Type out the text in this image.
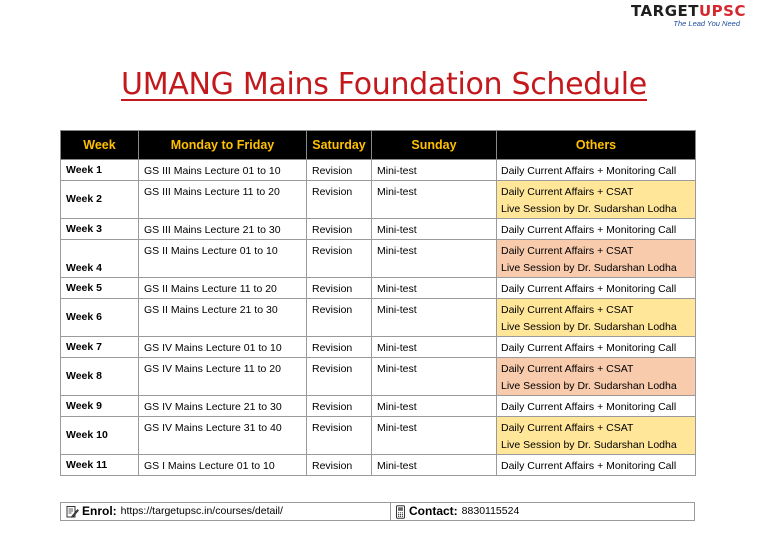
TARGETUPSC
The Lead You Need
UMANG Mains Foundation Schedule
Week	Monday to Friday	Saturday	Sunday	Others
Week 1	GS III Mains Lecture 01 to 10	Revision	Mini-test	Daily Current Affairs + Monitoring Call
Week 2	GS III Mains Lecture 11 to 20	Revision	Mini-test	Daily Current Affairs + CSAT
Live Session by Dr. Sudarshan Lodha

Week 3	GS III Mains Lecture 21 to 30	Revision	Mini-test	Daily Current Affairs + Monitoring Call
Week 4	GS II Mains Lecture 01 to 10	Revision	Mini-test	Daily Current Affairs + CSAT
Live Session by Dr. Sudarshan Lodha

Week 5	GS II Mains Lecture 11 to 20	Revision	Mini-test	Daily Current Affairs + Monitoring Call
Week 6	GS II Mains Lecture 21 to 30	Revision	Mini-test	Daily Current Affairs + CSAT
Live Session by Dr. Sudarshan Lodha

Week 7	GS IV Mains Lecture 01 to 10	Revision	Mini-test	Daily Current Affairs + Monitoring Call
Week 8	GS IV Mains Lecture 11 to 20	Revision	Mini-test	Daily Current Affairs + CSAT
Live Session by Dr. Sudarshan Lodha

Week 9	GS IV Mains Lecture 21 to 30	Revision	Mini-test	Daily Current Affairs + Monitoring Call
Week 10	GS IV Mains Lecture 31 to 40	Revision	Mini-test	Daily Current Affairs + CSAT
Live Session by Dr. Sudarshan Lodha

Week 11	GS I Mains Lecture 01 to 10	Revision	Mini-test	Daily Current Affairs + Monitoring Call
Enrol: https://targetupsc.in/courses/detail/	Contact: 8830115524
